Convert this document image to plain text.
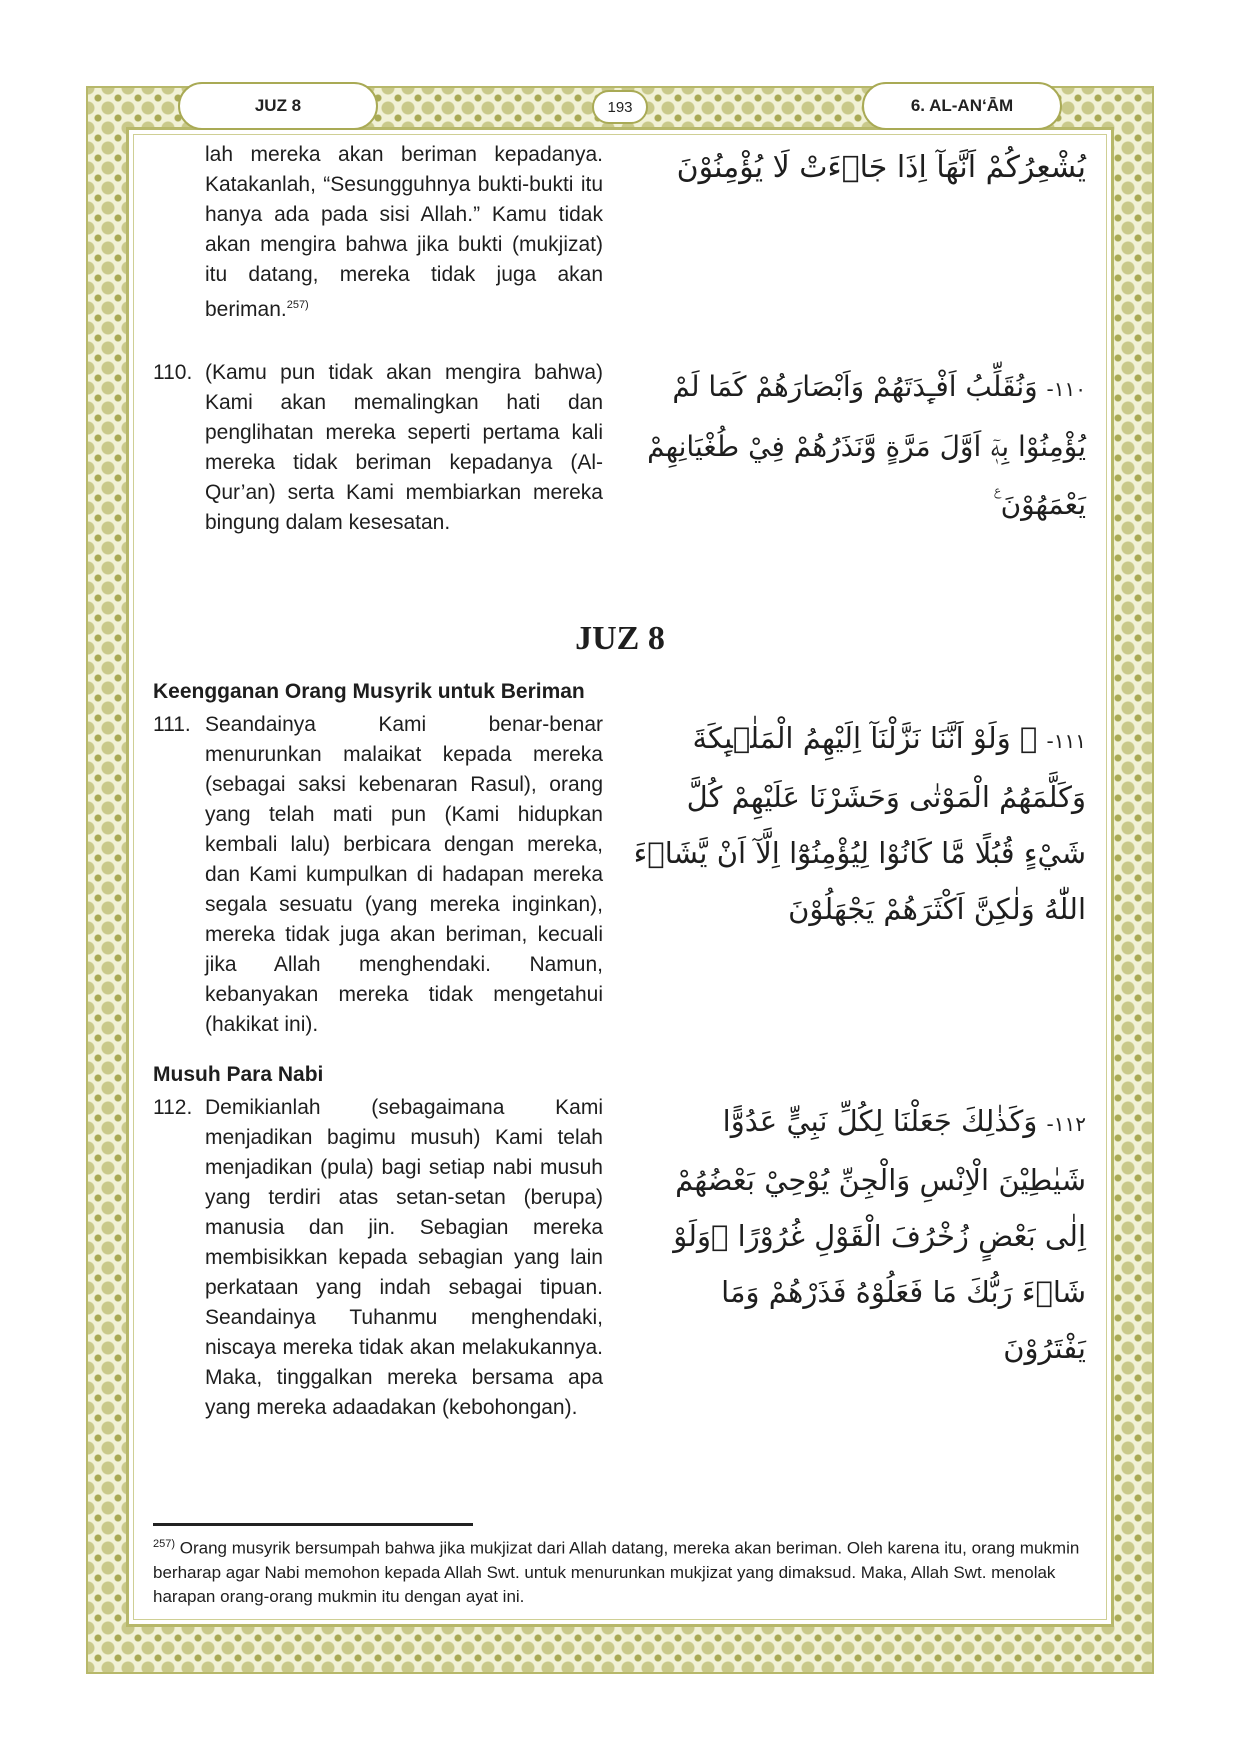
JUZ 8	193	6. AL-AN‘ĀM
lah mereka akan beriman kepadanya. Katakanlah, “Sesungguhnya bukti-bukti itu hanya ada pada sisi Allah.” Kamu tidak akan mengira bahwa jika bukti (mukjizat) itu datang, mereka tidak juga akan beriman.$^{257)}$
يُشْعِرُكُمْ اَنَّهَآ اِذَا جَاۤءَتْ لَا يُؤْمِنُوْنَ
110. (Kamu pun tidak akan mengira bahwa) Kami akan memalingkan hati dan penglihatan mereka seperti pertama kali mereka tidak beriman kepadanya (Al-Qur’an) serta Kami membiarkan mereka bingung dalam kesesatan.
١١٠- وَنُقَلِّبُ اَفْـِٕدَتَهُمْ وَاَبْصَارَهُمْ كَمَا لَمْ يُؤْمِنُوْا بِهٖٓ اَوَّلَ مَرَّةٍ وَّنَذَرُهُمْ فِيْ طُغْيَانِهِمْ يَعْمَهُوْنَ ࣖ
JUZ 8
Keengganan Orang Musyrik untuk Beriman
111. Seandainya Kami benar-benar menurunkan malaikat kepada mereka (sebagai saksi kebenaran Rasul), orang yang telah mati pun (Kami hidupkan kembali lalu) berbicara dengan mereka, dan Kami kumpulkan di hadapan mereka segala sesuatu (yang mereka inginkan), mereka tidak juga akan beriman, kecuali jika Allah menghendaki. Namun, kebanyakan mereka tidak mengetahui (hakikat ini).
١١١- ۞ وَلَوْ اَنَّنَا نَزَّلْنَآ اِلَيْهِمُ الْمَلٰۤىِٕكَةَ وَكَلَّمَهُمُ الْمَوْتٰى وَحَشَرْنَا عَلَيْهِمْ كُلَّ شَيْءٍ قُبُلًا مَّا كَانُوْا لِيُؤْمِنُوْٓا اِلَّآ اَنْ يَّشَاۤءَ اللّٰهُ وَلٰكِنَّ اَكْثَرَهُمْ يَجْهَلُوْنَ
Musuh Para Nabi
112. Demikianlah (sebagaimana Kami menjadikan bagimu musuh) Kami telah menjadikan (pula) bagi setiap nabi musuh yang terdiri atas setan-setan (berupa) manusia dan jin. Sebagian mereka membisikkan kepada sebagian yang lain perkataan yang indah sebagai tipuan. Seandainya Tuhanmu menghendaki, niscaya mereka tidak akan melakukannya. Maka, tinggalkan mereka bersama apa yang mereka adaadakan (kebohongan).
١١٢- وَكَذٰلِكَ جَعَلْنَا لِكُلِّ نَبِيٍّ عَدُوًّا شَيٰطِيْنَ الْاِنْسِ وَالْجِنِّ يُوْحِيْ بَعْضُهُمْ اِلٰى بَعْضٍ زُخْرُفَ الْقَوْلِ غُرُوْرًا ۗوَلَوْ شَاۤءَ رَبُّكَ مَا فَعَلُوْهُ فَذَرْهُمْ وَمَا يَفْتَرُوْنَ
$^{257)}$ Orang musyrik bersumpah bahwa jika mukjizat dari Allah datang, mereka akan beriman. Oleh karena itu, orang mukmin berharap agar Nabi memohon kepada Allah Swt. untuk menurunkan mukjizat yang dimaksud. Maka, Allah Swt. menolak harapan orang-orang mukmin itu dengan ayat ini.
